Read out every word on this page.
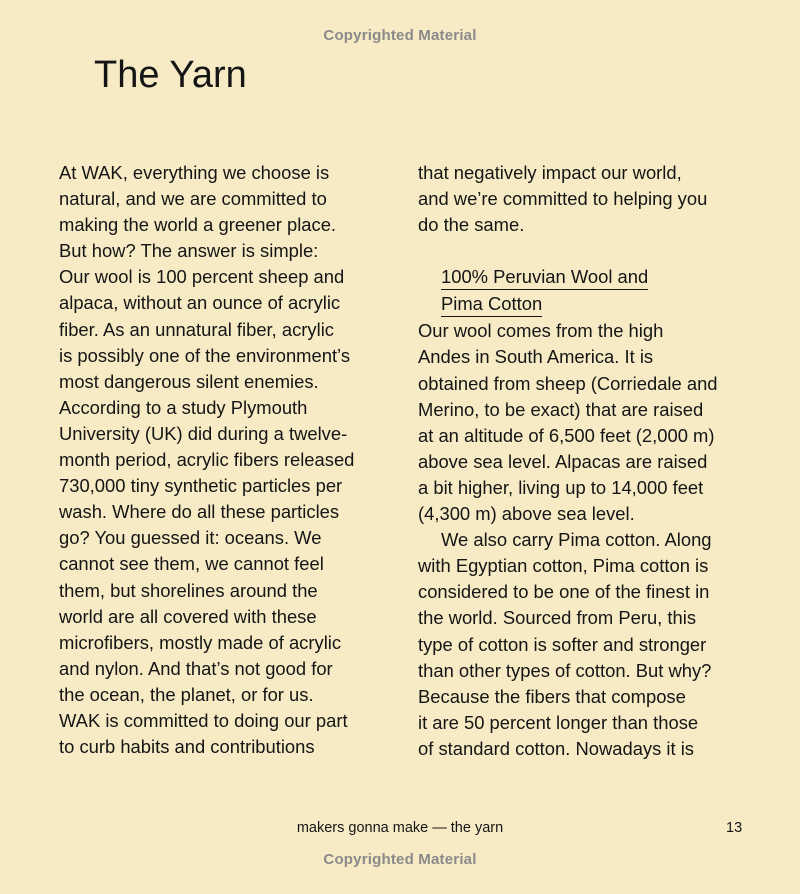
Copyrighted Material
The Yarn
At WAK, everything we choose is
natural, and we are committed to
making the world a greener place.
But how? The answer is simple:
Our wool is 100 percent sheep and
alpaca, without an ounce of acrylic
fiber. As an unnatural fiber, acrylic
is possibly one of the environment’s
most dangerous silent enemies.
According to a study Plymouth
University (UK) did during a twelve-
month period, acrylic fibers released
730,000 tiny synthetic particles per
wash. Where do all these particles
go? You guessed it: oceans. We
cannot see them, we cannot feel
them, but shorelines around the
world are all covered with these
microfibers, mostly made of acrylic
and nylon. And that’s not good for
the ocean, the planet, or for us.
WAK is committed to doing our part
to curb habits and contributions
that negatively impact our world,
and we’re committed to helping you
do the same.
100% Peruvian Wool and
Pima Cotton
Our wool comes from the high
Andes in South America. It is
obtained from sheep (Corriedale and
Merino, to be exact) that are raised
at an altitude of 6,500 feet (2,000 m)
above sea level. Alpacas are raised
a bit higher, living up to 14,000 feet
(4,300 m) above sea level.
We also carry Pima cotton. Along
with Egyptian cotton, Pima cotton is
considered to be one of the finest in
the world. Sourced from Peru, this
type of cotton is softer and stronger
than other types of cotton. But why?
Because the fibers that compose
it are 50 percent longer than those
of standard cotton. Nowadays it is
makers gonna make — the yarn	13
Copyrighted Material
